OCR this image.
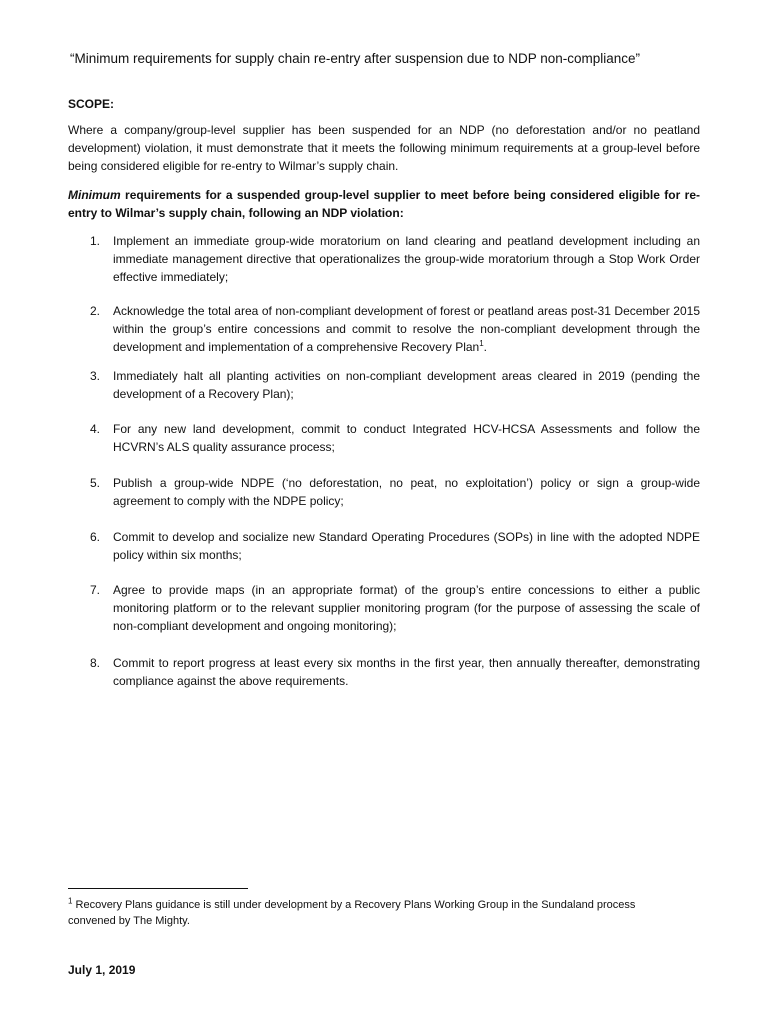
“Minimum requirements for supply chain re-entry after suspension due to NDP non-compliance”
SCOPE:
Where a company/group-level supplier has been suspended for an NDP (no deforestation and/or no peatland development) violation, it must demonstrate that it meets the following minimum requirements at a group-level before being considered eligible for re-entry to Wilmar’s supply chain.
Minimum requirements for a suspended group-level supplier to meet before being considered eligible for re-entry to Wilmar’s supply chain, following an NDP violation:
1. Implement an immediate group-wide moratorium on land clearing and peatland development including an immediate management directive that operationalizes the group-wide moratorium through a Stop Work Order effective immediately;
2. Acknowledge the total area of non-compliant development of forest or peatland areas post-31 December 2015 within the group’s entire concessions and commit to resolve the non-compliant development through the development and implementation of a comprehensive Recovery Plan$^1$.
3. Immediately halt all planting activities on non-compliant development areas cleared in 2019 (pending the development of a Recovery Plan);
4. For any new land development, commit to conduct Integrated HCV-HCSA Assessments and follow the HCVRN’s ALS quality assurance process;
5. Publish a group-wide NDPE (‘no deforestation, no peat, no exploitation’) policy or sign a group-wide agreement to comply with the NDPE policy;
6. Commit to develop and socialize new Standard Operating Procedures (SOPs) in line with the adopted NDPE policy within six months;
7. Agree to provide maps (in an appropriate format) of the group’s entire concessions to either a public monitoring platform or to the relevant supplier monitoring program (for the purpose of assessing the scale of non-compliant development and ongoing monitoring);
8. Commit to report progress at least every six months in the first year, then annually thereafter, demonstrating compliance against the above requirements.
$^1$ Recovery Plans guidance is still under development by a Recovery Plans Working Group in the Sundaland process convened by The Mighty.
July 1, 2019
